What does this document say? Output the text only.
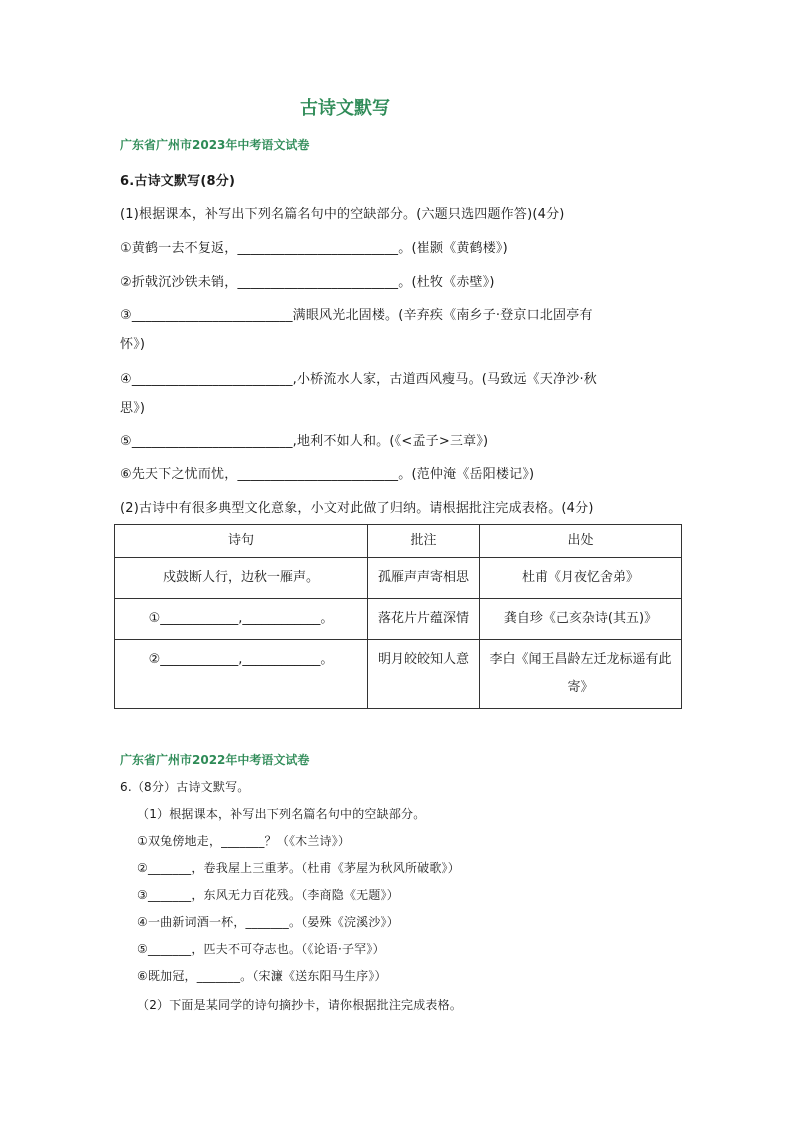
古诗文默写
广东省广州市2023年中考语文试卷
6.古诗文默写(8分)
(1)根据课本，补写出下列名篇名句中的空缺部分。(六题只选四题作答)(4分)
①黄鹤一去不复返，________________________。(崔颢《黄鹤楼》)
②折戟沉沙铁未销，________________________。(杜牧《赤壁》)
③________________________满眼风光北固楼。(辛弃疾《南乡子·登京口北固亭有
怀》)
④________________________,小桥流水人家，古道西风瘦马。(马致远《天净沙·秋
思》)
⑤________________________,地利不如人和。(《<孟子>三章》)
⑥先天下之忧而忧，________________________。(范仲淹《岳阳楼记》)
(2)古诗中有很多典型文化意象，小文对此做了归纳。请根据批注完成表格。(4分)
诗句	批注	出处
戍鼓断人行，边秋一雁声。	孤雁声声寄相思	杜甫《月夜忆舍弟》
①____________,____________。	落花片片蕴深情	龚自珍《己亥杂诗(其五)》
②____________,____________。	明月皎皎知人意	李白《闻王昌龄左迁龙标遥有此寄》
广东省广州市2022年中考语文试卷
6.（8分）古诗文默写。
（1）根据课本，补写出下列名篇名句中的空缺部分。
①双兔傍地走，_______？（《木兰诗》）
②_______，卷我屋上三重茅。（杜甫《茅屋为秋风所破歌》）
③_______，东风无力百花残。（李商隐《无题》）
④一曲新词酒一杯，_______。（晏殊《浣溪沙》）
⑤_______，匹夫不可夺志也。（《论语·子罕》）
⑥既加冠，_______。（宋濂《送东阳马生序》）
（2）下面是某同学的诗句摘抄卡，请你根据批注完成表格。
